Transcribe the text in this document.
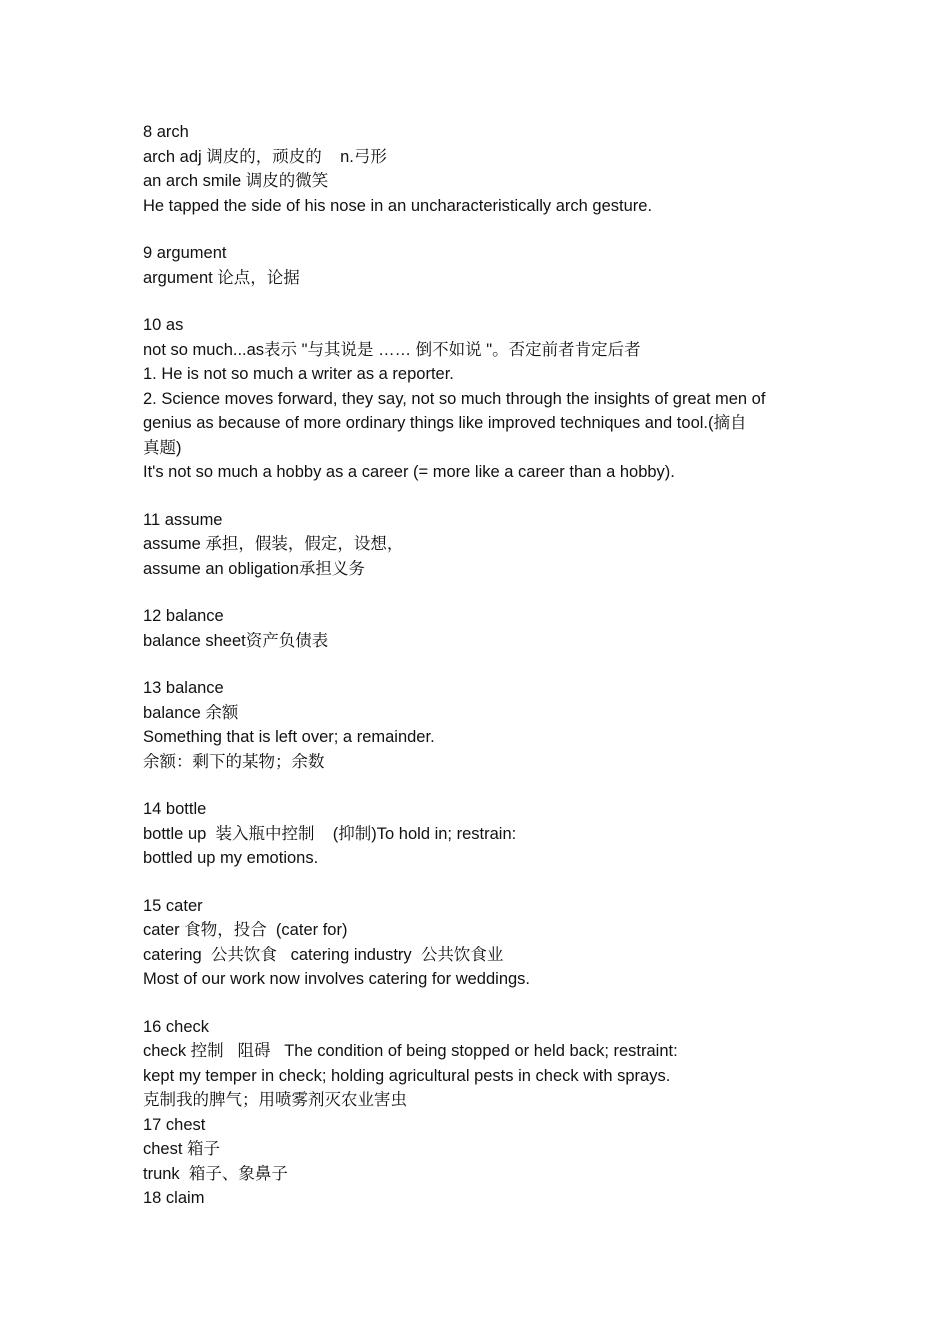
8 arch

arch adj 调皮的，顽皮的    n.弓形

an arch smile 调皮的微笑

He tapped the side of his nose in an uncharacteristically arch gesture.

9 argument

argument 论点，论据

10 as

not so much...as表示 "与其说是 …… 倒不如说 "。否定前者肯定后者

1. He is not so much a writer as a reporter.

2. Science moves forward, they say, not so much through the insights of great men of

genius as because of more ordinary things like improved techniques and tool.(摘自

真题)

It's not so much a hobby as a career (= more like a career than a hobby).

11 assume

assume 承担，假装，假定，设想，

assume an obligation承担义务

12 balance

balance sheet资产负债表

13 balance

balance 余额

Something that is left over; a remainder.

余额：剩下的某物；余数

14 bottle

bottle up  装入瓶中控制    (抑制)To hold in; restrain:

bottled up my emotions.

15 cater

cater 食物，投合  (cater for)

catering  公共饮食   catering industry  公共饮食业

Most of our work now involves catering for weddings.

16 check

check 控制   阻碍   The condition of being stopped or held back; restraint:

kept my temper in check; holding agricultural pests in check with sprays.

克制我的脾气；用喷雾剂灭农业害虫

17 chest

chest 箱子

trunk  箱子、象鼻子

18 claim
